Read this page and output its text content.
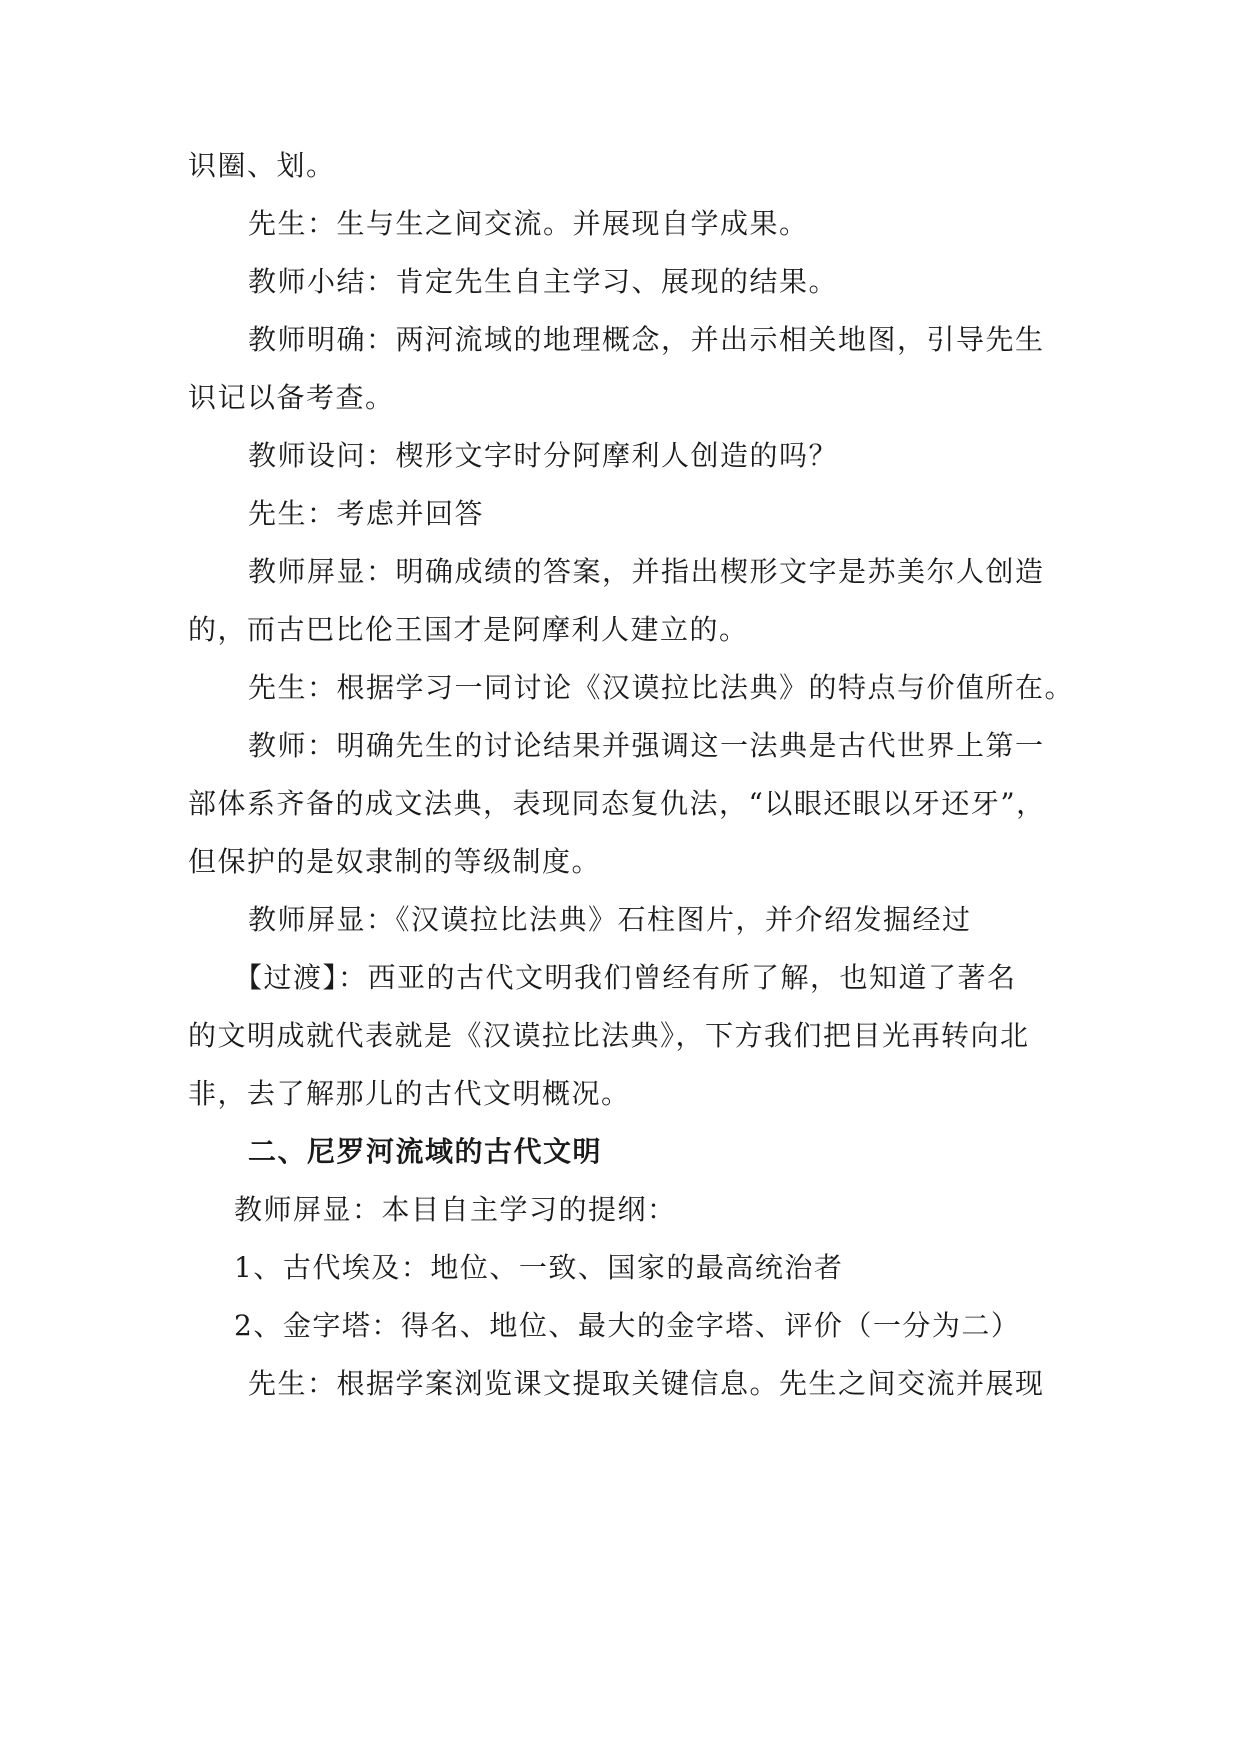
识圈、划。
先生：生与生之间交流。并展现自学成果。
教师小结：肯定先生自主学习、展现的结果。
教师明确：两河流域的地理概念，并出示相关地图，引导先生
识记以备考查。
教师设问：楔形文字时分阿摩利人创造的吗？
先生：考虑并回答
教师屏显：明确成绩的答案，并指出楔形文字是苏美尔人创造
的，而古巴比伦王国才是阿摩利人建立的。
先生：根据学习一同讨论《汉谟拉比法典》的特点与价值所在。
教师：明确先生的讨论结果并强调这一法典是古代世界上第一
部体系齐备的成文法典，表现同态复仇法，“以眼还眼以牙还牙”，
但保护的是奴隶制的等级制度。
教师屏显：《汉谟拉比法典》石柱图片，并介绍发掘经过
【过渡】：西亚的古代文明我们曾经有所了解，也知道了著名
的文明成就代表就是《汉谟拉比法典》，下方我们把目光再转向北
非，去了解那儿的古代文明概况。
二、尼罗河流域的古代文明
教师屏显：本目自主学习的提纲：
1、古代埃及：地位、一致、国家的最高统治者
2、金字塔：得名、地位、最大的金字塔、评价（一分为二）
先生：根据学案浏览课文提取关键信息。先生之间交流并展现
